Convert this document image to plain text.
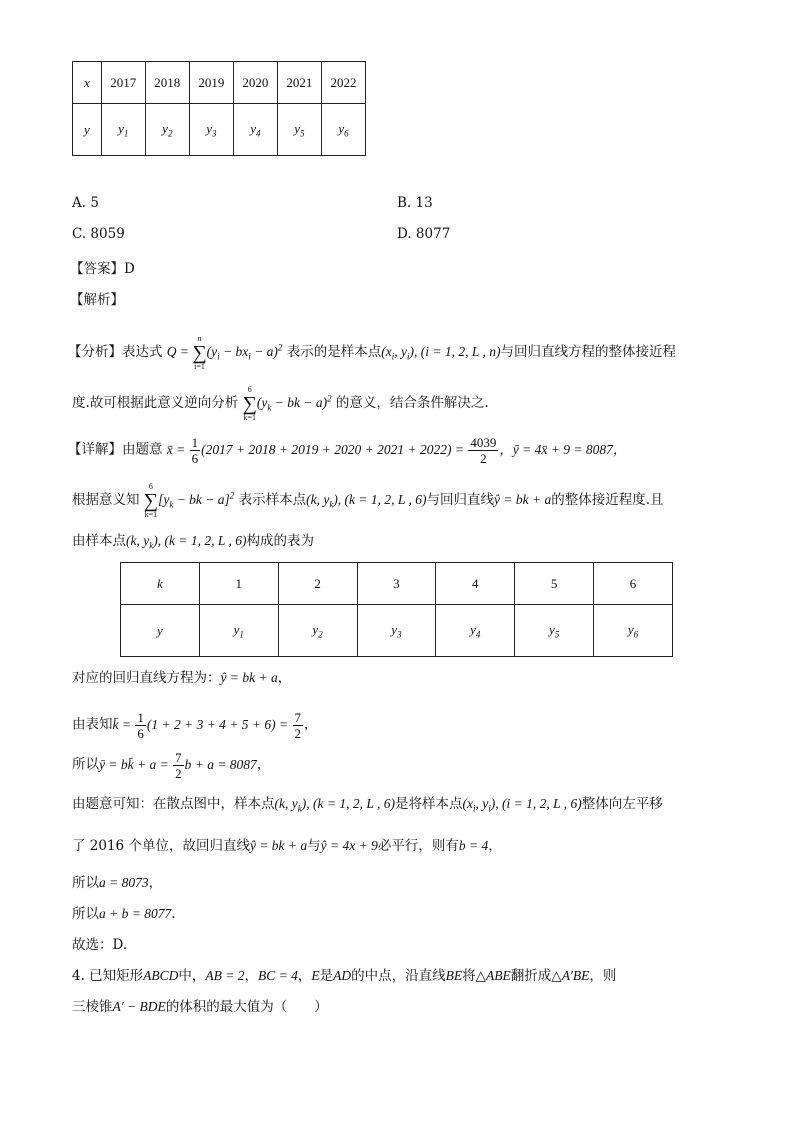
x	2017	2018	2019	2020	2021	2022
y	$y_1$	$y_2$	$y_3$	$y_4$	$y_5$	$y_6$
A. 5	B. 13
C. 8059	D. 8077
【答案】D
【解析】
【分析】表达式 Q =
n
∑
i=1
$(y_i - bx_i - a)^2$ 表示的是样本点($x_i$, $y_i$), (i = 1, 2, L , n)与回归直线方程的整体接近程
度.故可根据此意义逆向分析
6
∑
k=1
($y_k$ − bk − a)$^2$ 的意义，结合条件解决之.
【详解】由题意 x̄ = $\frac{1}{6} (2017 + 2018 + 2019 + 2020 + 2021 + 2022) = \frac{4039}{2}$ ，ȳ = 4x̄ + 9 = 8087，
根据意义知
6
∑
k=1
[$y_k$ − bk − a]$^2$ 表示样本点(k, $y_k$), (k = 1, 2, L , 6)与回归直线ŷ = bk + a的整体接近程度.且
由样本点(k, $y_k$), (k = 1, 2, L , 6)构成的表为
k	1	2	3	4	5	6
y	$y_1$	$y_2$	$y_3$	$y_4$	$y_5$	$y_6$
对应的回归直线方程为：ŷ = bk + a，
由表知k̄ = $\frac{1}{6} (1 + 2 + 3 + 4 + 5 + 6) = \frac{7}{2}$ ，
所以ȳ = bk̄ + $a = \frac{7}{2}$ b + a = 8087，
由题意可知：在散点图中，样本点(k, $y_k$), (k = 1, 2, L , 6)是将样本点($x_i$, $y_i$), (i = 1, 2, L , 6)整体向左平移
了 2016 个单位，故回归直线ŷ = bk + a与ŷ = 4x + 9必平行，则有b = 4，
所以a = 8073，
所以a + b = 8077.
故选：D.
4. 已知矩形ABCD中，AB = 2，BC = 4，E是AD的中点，沿直线BE将△ABE翻折成△A′BE，则
三棱锥A′ − BDE的体积的最大值为（　　）
